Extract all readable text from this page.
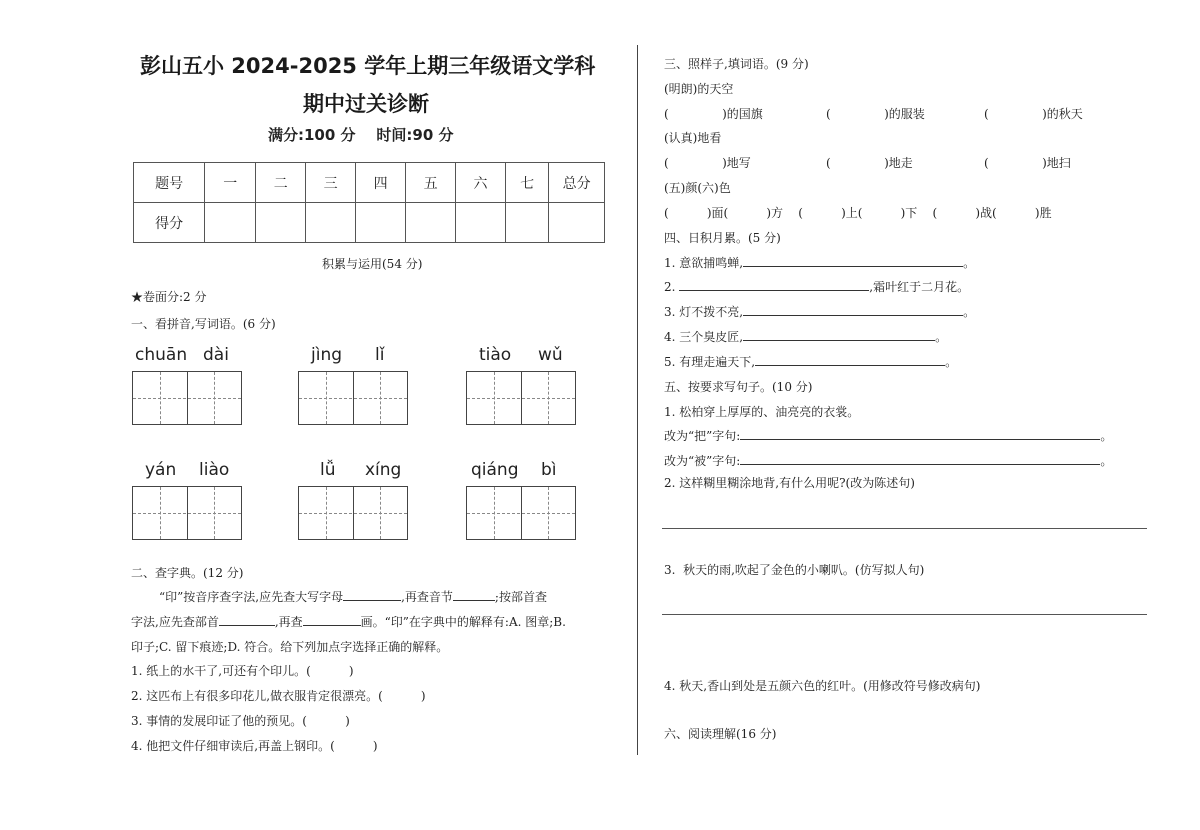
彭山五小 2024-2025 学年上期三年级语文学科
期中过关诊断
满分:100 分    时间:90 分
题号	一	二	三	四	五	六	七	总分
得分								
积累与运用(54 分)
★卷面分:2 分
一、看拼音,写词语。(6 分)
chuān dài	jìng lǐ	tiào wǔ
yán liào	lǚ xíng	qiáng bì
二、查字典。(12 分)
“印”按音序查字法,应先查大写字母	,再查音节	;按部首查
字法,应先查部首	,再查	画。“印”在字典中的解释有:A. 图章;B.
印子;C. 留下痕迹;D. 符合。给下列加点字选择正确的解释。
1. 纸上的水干了,可还有个印儿。(          )
2. 这匹布上有很多印花儿,做衣服肯定很漂亮。(          )
3. 事情的发展印证了他的预见。(          )
4. 他把文件仔细审读后,再盖上钢印。(          )
三、照样子,填词语。(9 分)
(明朗)的天空
(              )的国旗	(              )的服装	(              )的秋天
(认真)地看
(              )地写	(              )地走	(              )地扫
(五)颜(六)色
(          )面(          )方    (          )上(          )下    (          )战(          )胜
四、日积月累。(5 分)
1. 意欲捕鸣蝉,	。
2.	,霜叶红于二月花。
3. 灯不拨不亮,	。
4. 三个臭皮匠,	。
5. 有理走遍天下,	。
五、按要求写句子。(10 分)
1. 松柏穿上厚厚的、油亮亮的衣裳。
改为“把”字句:	。
改为“被”字句:	。
2. 这样糊里糊涂地背,有什么用呢?(改为陈述句)
3.  秋天的雨,吹起了金色的小喇叭。(仿写拟人句)
4. 秋天,香山到处是五颜六色的红叶。(用修改符号修改病句)
六、阅读理解(16 分)
